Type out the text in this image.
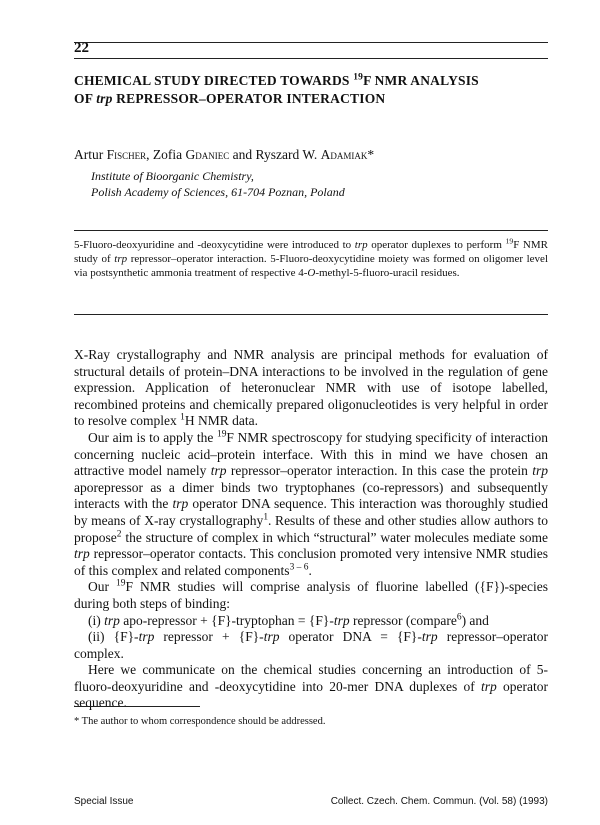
22
CHEMICAL STUDY DIRECTED TOWARDS $^{19}$F NMR ANALYSIS
OF trp REPRESSOR–OPERATOR INTERACTION
Artur Fischer, Zofia Gdaniec and Ryszard W. Adamiak*
Institute of Bioorganic Chemistry,
Polish Academy of Sciences, 61-704 Poznan, Poland
5-Fluoro-deoxyuridine and -deoxycytidine were introduced to trp operator duplexes to perform $^{19}$F NMR study of trp repressor–operator interaction. 5-Fluoro-deoxycytidine moiety was formed on oligomer level via postsynthetic ammonia treatment of respective 4-O-methyl-5-fluoro-uracil residues.

X-Ray crystallography and NMR analysis are principal methods for evaluation of structural details of protein–DNA interactions to be involved in the regulation of gene expression. Application of heteronuclear NMR with use of isotope labelled, recombined proteins and chemically prepared oligonucleotides is very helpful in order to resolve complex $^1$H NMR data.

Our aim is to apply the $^{19}$F NMR spectroscopy for studying specificity of interaction concerning nucleic acid–protein interface. With this in mind we have chosen an attractive model namely trp repressor–operator interaction. In this case the protein trp aporepressor as a dimer binds two tryptophanes (co-repressors) and subsequently interacts with the trp operator DNA sequence. This interaction was thoroughly studied by means of X-ray crystallography$^1$. Results of these and other studies allow authors to propose$^2$ the structure of complex in which “structural” water molecules mediate some trp repressor–operator contacts. This conclusion promoted very intensive NMR studies of this complex and related components$^{3 - 6}$.

Our $^{19}$F NMR studies will comprise analysis of fluorine labelled ({F})-species during both steps of binding:

(i) trp apo-repressor + {F}-tryptophan = {F}-trp repressor (compare$^6$) and

(ii) {F}-trp repressor + {F}-trp operator DNA = {F}-trp repressor–operator complex.

Here we communicate on the chemical studies concerning an introduction of 5-fluoro-deoxyuridine and -deoxycytidine into 20-mer DNA duplexes of trp operator sequence.

* The author to whom correspondence should be addressed.
Special Issue	Collect. Czech. Chem. Commun. (Vol. 58) (1993)
